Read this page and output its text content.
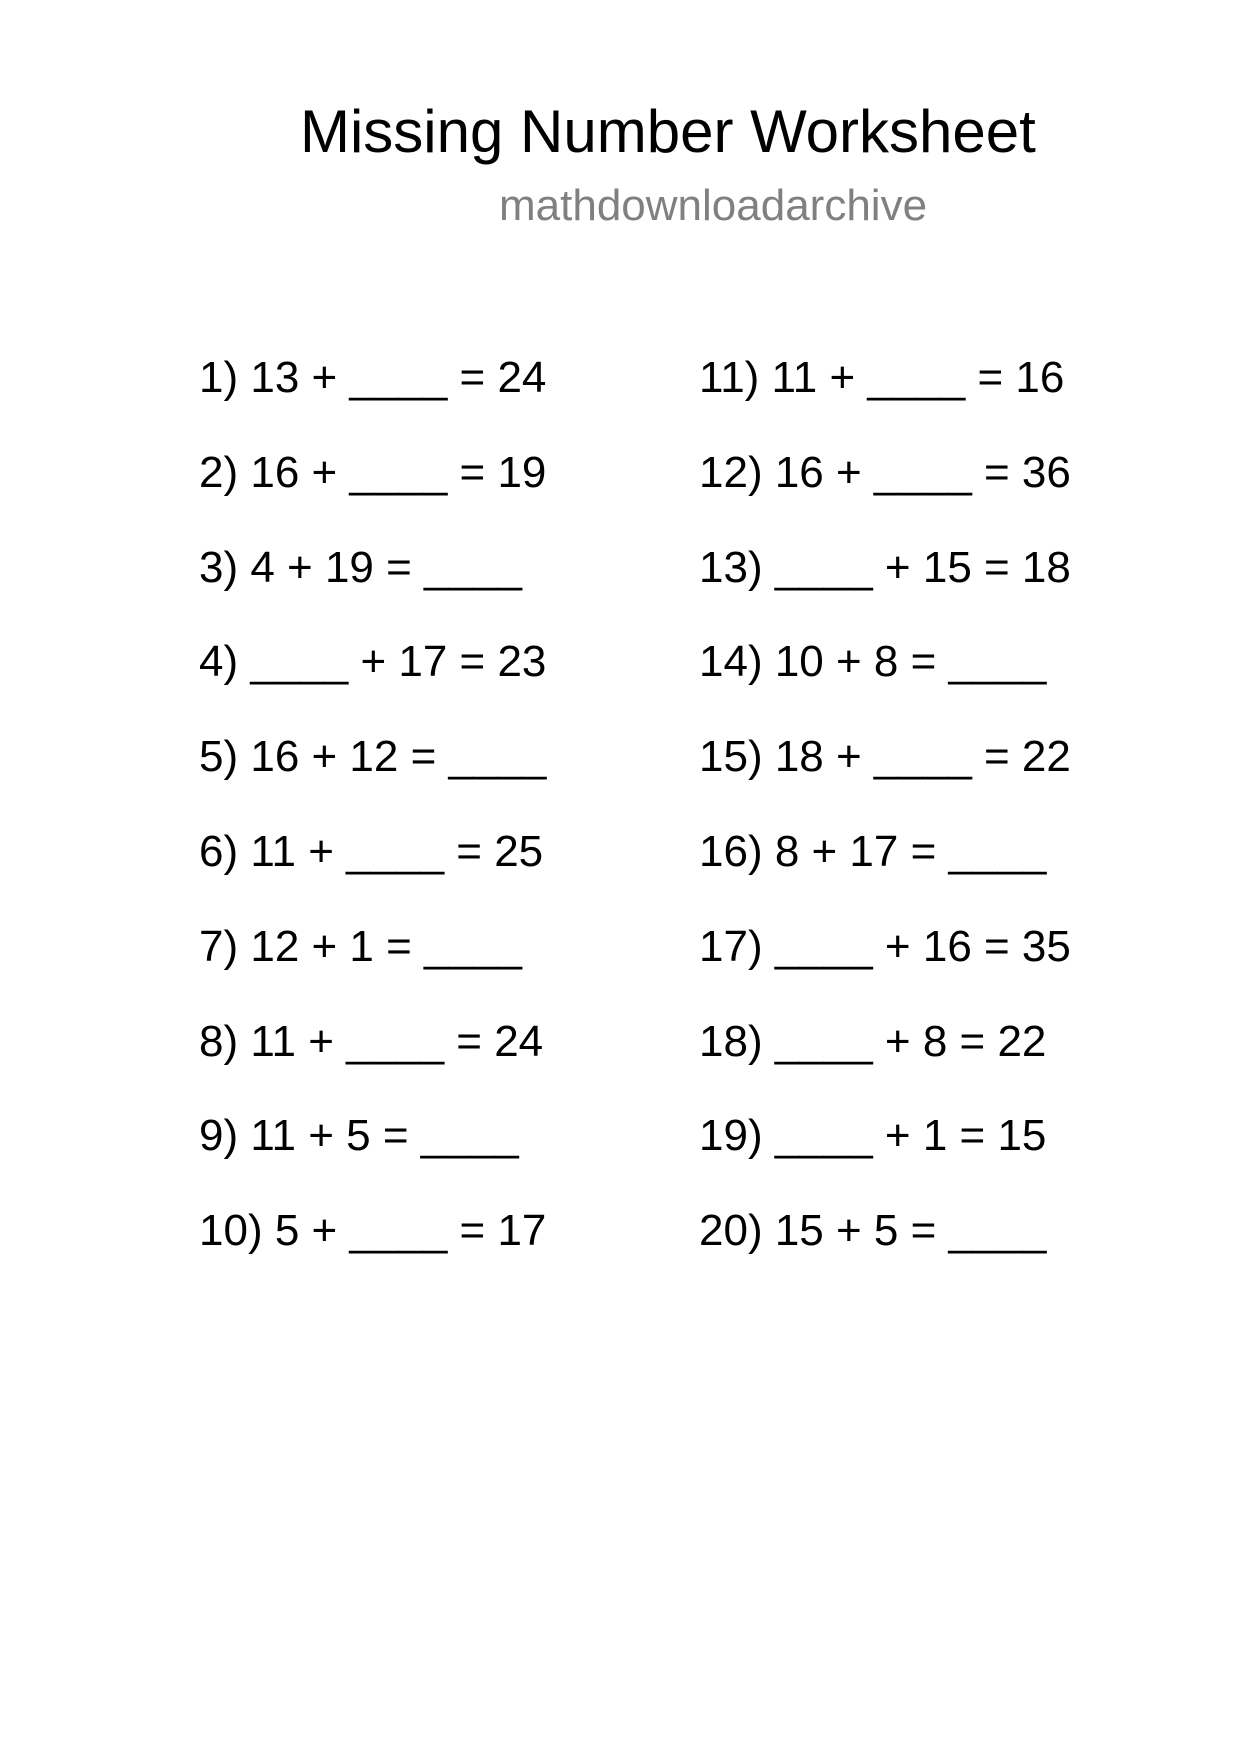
Missing Number Worksheet
mathdownloadarchive
1) 13 + ____ = 24
2) 16 + ____ = 19
3) 4 + 19 = ____
4) ____ + 17 = 23
5) 16 + 12 = ____
6) 11 + ____ = 25
7) 12 + 1 = ____
8) 11 + ____ = 24
9) 11 + 5 = ____
10) 5 + ____ = 17
11) 11 + ____ = 16
12) 16 + ____ = 36
13) ____ + 15 = 18
14) 10 + 8 = ____
15) 18 + ____ = 22
16) 8 + 17 = ____
17) ____ + 16 = 35
18) ____ + 8 = 22
19) ____ + 1 = 15
20) 15 + 5 = ____
